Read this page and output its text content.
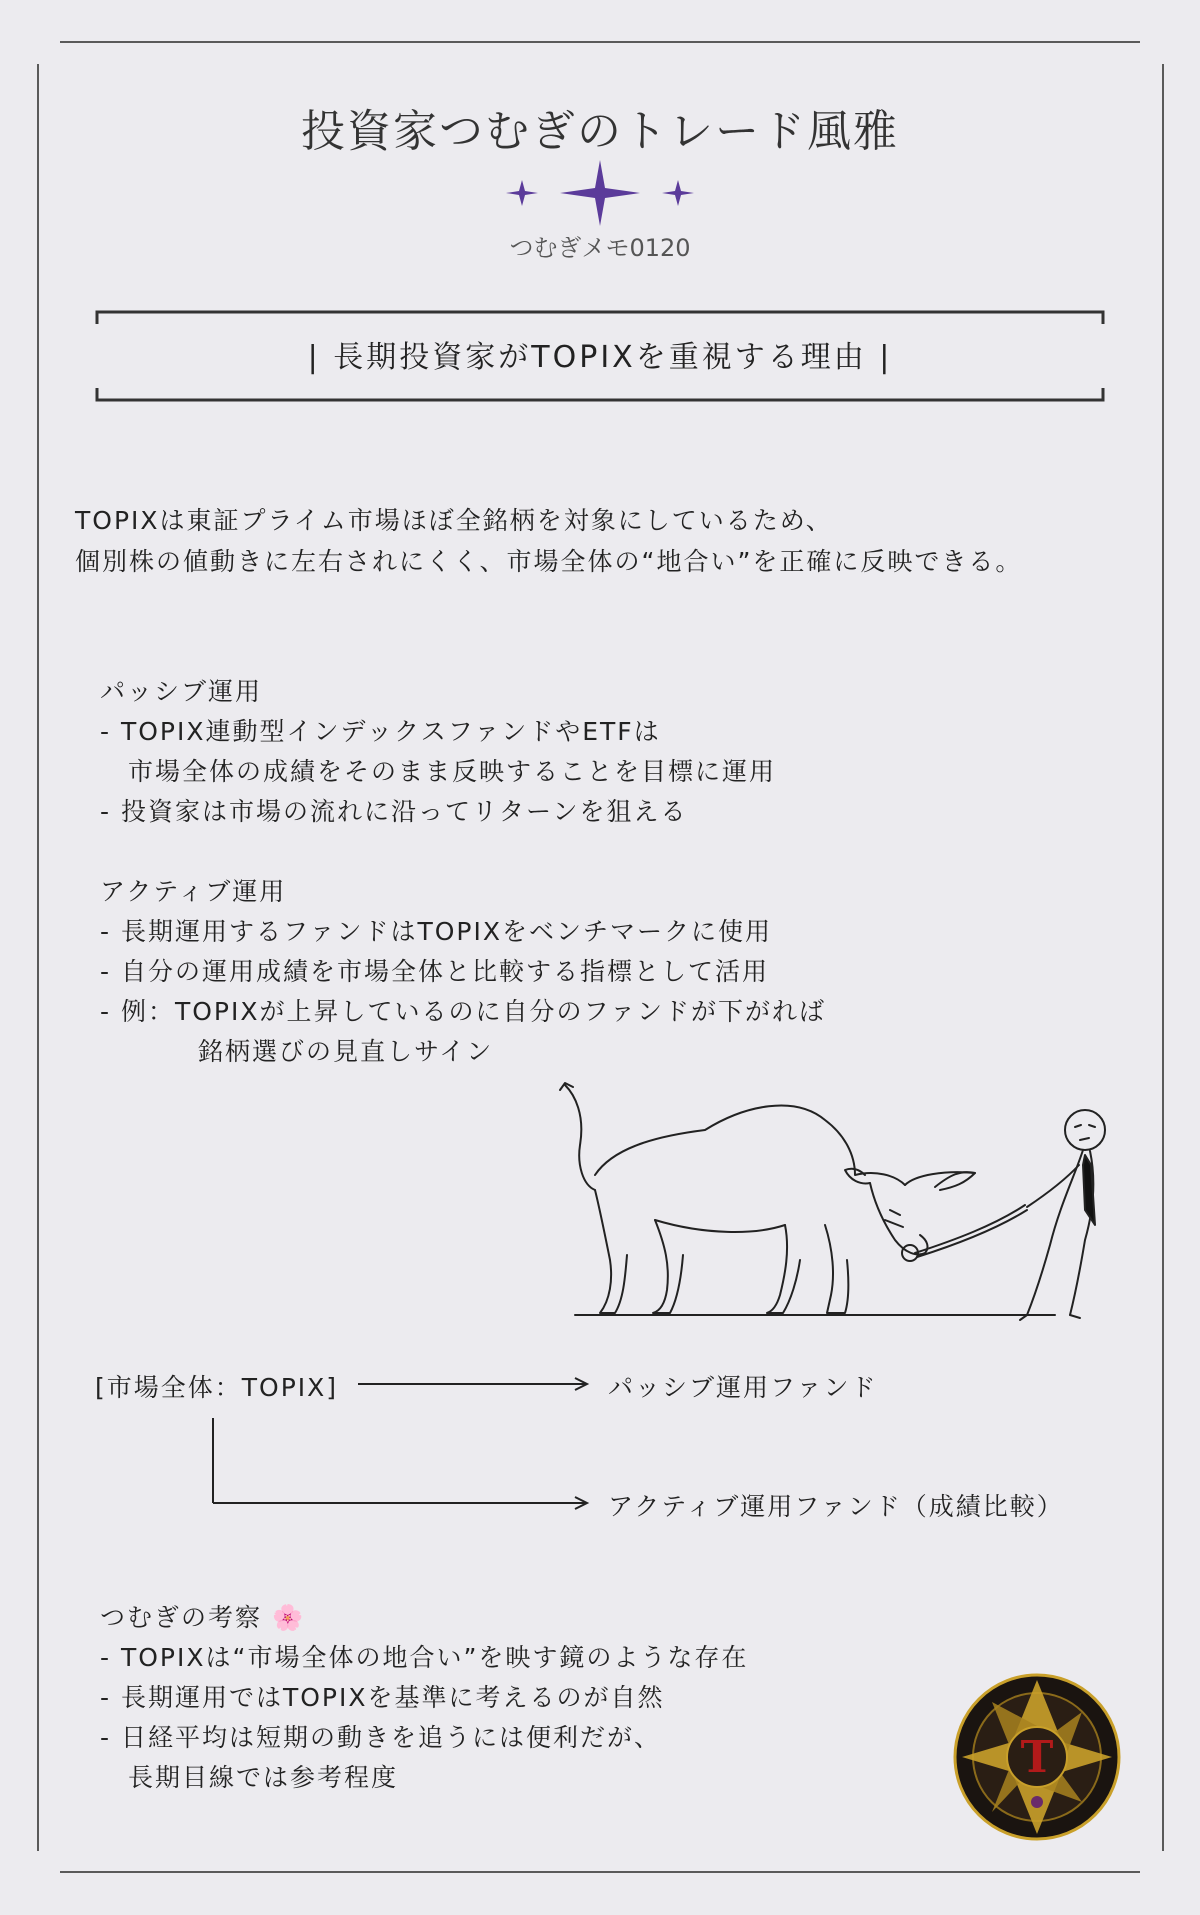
投資家つむぎのトレード風雅
つむぎメモ0120
| 長期投資家がTOPIXを重視する理由 |

TOPIXは東証プライム市場ほぼ全銘柄を対象にしているため、

個別株の値動きに左右されにくく、市場全体の“地合い”を正確に反映できる。

パッシブ運用

- TOPIX連動型インデックスファンドやETFは

市場全体の成績をそのまま反映することを目標に運用

- 投資家は市場の流れに沿ってリターンを狙える

アクティブ運用

- 長期運用するファンドはTOPIXをベンチマークに使用

- 自分の運用成績を市場全体と比較する指標として活用

- 例：TOPIXが上昇しているのに自分のファンドが下がれば

銘柄選びの見直しサイン

[市場全体：TOPIX]	パッシブ運用ファンド
アクティブ運用ファンド（成績比較）

つむぎの考察 🌸

- TOPIXは“市場全体の地合い”を映す鏡のような存在

- 長期運用ではTOPIXを基準に考えるのが自然

- 日経平均は短期の動きを追うには便利だが、

長期目線では参考程度	T
